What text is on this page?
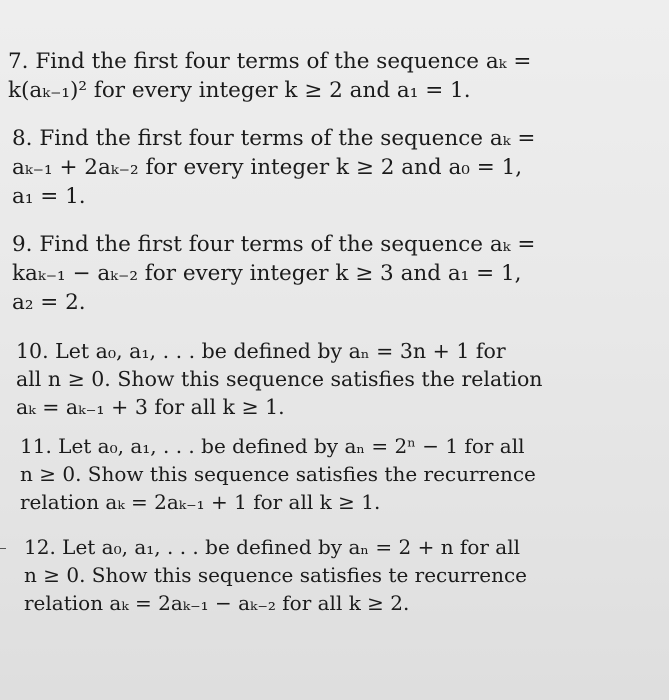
7. Find the first four terms of the sequence aₖ =
k(aₖ₋₁)² for every integer k ≥ 2 and a₁ = 1.
8. Find the first four terms of the sequence aₖ =
aₖ₋₁ + 2aₖ₋₂ for every integer k ≥ 2 and a₀ = 1,
a₁ = 1.
9. Find the first four terms of the sequence aₖ =
kaₖ₋₁ − aₖ₋₂ for every integer k ≥ 3 and a₁ = 1,
a₂ = 2.
10. Let a₀, a₁, . . . be defined by aₙ = 3n + 1 for
all n ≥ 0. Show this sequence satisfies the relation
aₖ = aₖ₋₁ + 3 for all k ≥ 1.
11. Let a₀, a₁, . . . be defined by aₙ = 2ⁿ − 1 for all
n ≥ 0. Show this sequence satisfies the recurrence
relation aₖ = 2aₖ₋₁ + 1 for all k ≥ 1.
12. Let a₀, a₁, . . . be defined by aₙ = 2 + n for all
n ≥ 0. Show this sequence satisfies te recurrence
relation aₖ = 2aₖ₋₁ − aₖ₋₂ for all k ≥ 2.
